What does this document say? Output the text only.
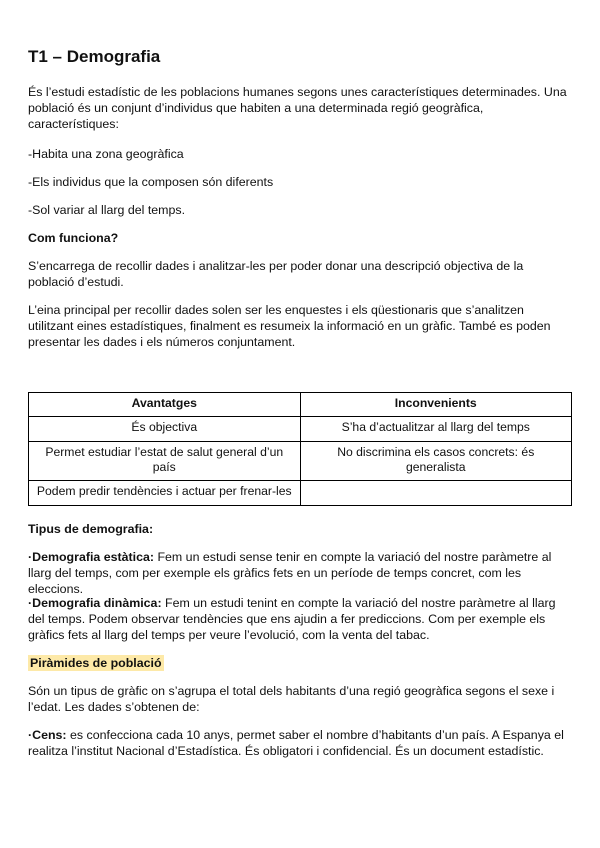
T1 – Demografia

És l’estudi estadístic de les poblacions humanes segons unes característiques determinades. Una població és un conjunt d’individus que habiten a una determinada regió geogràfica, característiques:

-Habita una zona geogràfica

-Els individus que la composen són diferents

-Sol variar al llarg del temps.

Com funciona?

S’encarrega de recollir dades i analitzar-les per poder donar una descripció objectiva de la població d’estudi.

L’eina principal per recollir dades solen ser les enquestes i els qüestionaris que s’analitzen utilitzant eines estadístiques, finalment es resumeix la informació en un gràfic. També es poden presentar les dades i els números conjuntament.

Avantatges	Inconvenients
És objectiva	S’ha d’actualitzar al llarg del temps
Permet estudiar l’estat de salut general d’un país	No discrimina els casos concrets: és generalista
Podem predir tendències i actuar per frenar-les	

Tipus de demografia:

·Demografia estàtica: Fem un estudi sense tenir en compte la variació del nostre paràmetre al llarg del temps, com per exemple els gràfics fets en un període de temps concret, com les eleccions.

·Demografia dinàmica: Fem un estudi tenint en compte la variació del nostre paràmetre al llarg del temps. Podem observar tendències que ens ajudin a fer prediccions. Com per exemple els gràfics fets al llarg del temps per veure l’evolució, com la venta del tabac.

Piràmides de població

Són un tipus de gràfic on s’agrupa el total dels habitants d’una regió geogràfica segons el sexe i l’edat. Les dades s’obtenen de:

·Cens: es confecciona cada 10 anys, permet saber el nombre d’habitants d’un país. A Espanya el realitza l’institut Nacional d’Estadística. És obligatori i confidencial. És un document estadístic.
